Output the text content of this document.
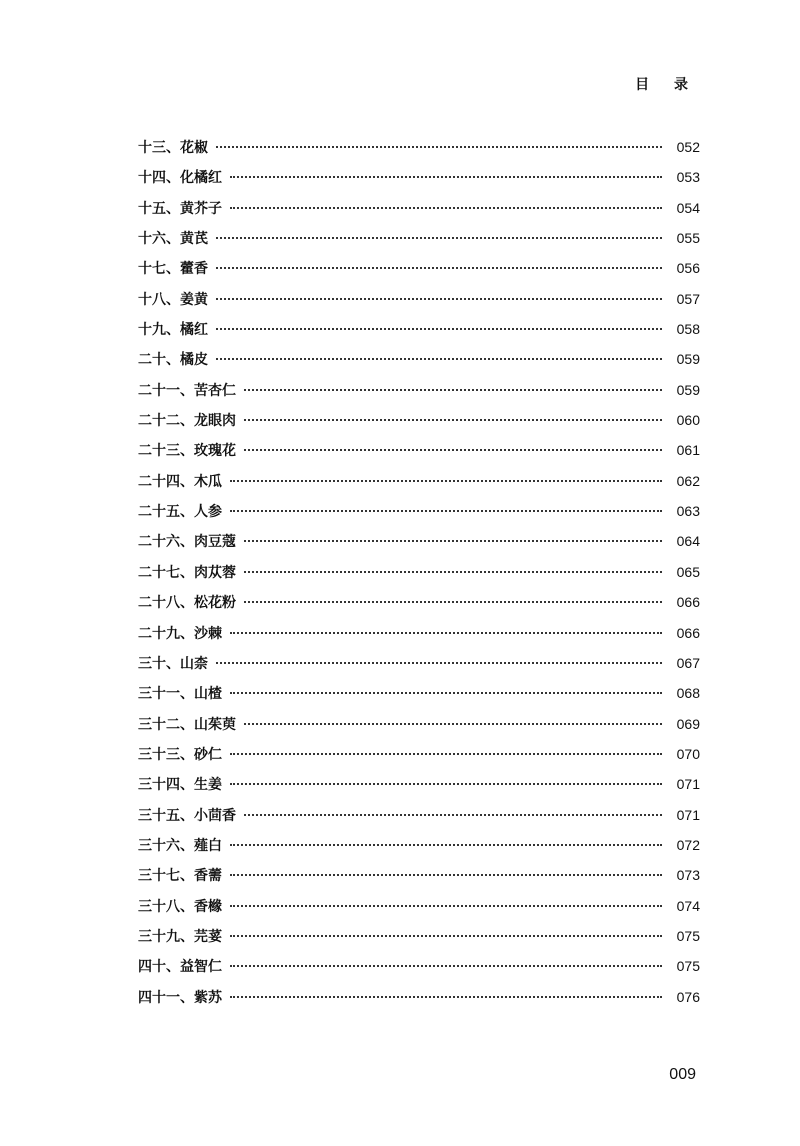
目 录
十三、花椒	052
十四、化橘红	053
十五、黄芥子	054
十六、黄芪	055
十七、藿香	056
十八、姜黄	057
十九、橘红	058
二十、橘皮	059
二十一、苦杏仁	059
二十二、龙眼肉	060
二十三、玫瑰花	061
二十四、木瓜	062
二十五、人参	063
二十六、肉豆蔻	064
二十七、肉苁蓉	065
二十八、松花粉	066
二十九、沙棘	066
三十、山柰	067
三十一、山楂	068
三十二、山茱萸	069
三十三、砂仁	070
三十四、生姜	071
三十五、小茴香	071
三十六、薤白	072
三十七、香薷	073
三十八、香橼	074
三十九、芫荽	075
四十、益智仁	075
四十一、紫苏	076
009
